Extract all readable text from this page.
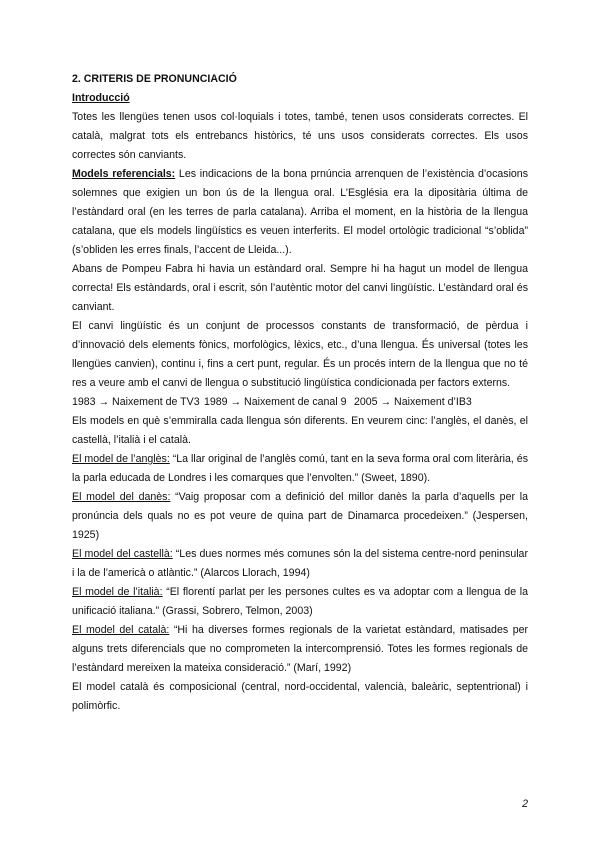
2. CRITERIS DE PRONUNCIACIÓ

Introducció

Totes les llengües tenen usos col·loquials i totes, també, tenen usos considerats correctes. El català, malgrat tots els entrebancs històrics, té uns usos considerats correctes. Els usos correctes són canviants.

Models referencials: Les indicacions de la bona prnúncia arrenquen de l’existència d’ocasions solemnes que exigien un bon ús de la llengua oral. L’Església era la dipositària última de l’estàndard oral (en les terres de parla catalana). Arriba el moment, en la història de la llengua catalana, que els models lingüístics es veuen interferits. El model ortològic tradicional “s’oblida” (s’obliden les erres finals, l’accent de Lleida...).

Abans de Pompeu Fabra hi havia un estàndard oral. Sempre hi ha hagut un model de llengua correcta! Els estàndards, oral i escrit, són l’autèntic motor del canvi lingüístic. L’estàndard oral és canviant.

El canvi lingüístic és un conjunt de processos constants de transformació, de pèrdua i d’innovació dels elements fònics, morfològics, lèxics, etc., d’una llengua. És universal (totes les llengües canvien), continu i, fins a cert punt, regular. És un procés intern de la llengua que no té res a veure amb el canvi de llengua o substitució lingüística condicionada per factors externs.

1983 → Naixement de TV3 1989 → Naixement de canal 9 2005 → Naixement d’IB3

Els models en què s’emmiralla cada llengua són diferents. En veurem cinc: l’anglès, el danès, el castellà, l’italià i el català.

El model de l’anglès: “La llar original de l’anglès comú, tant en la seva forma oral com literària, és la parla educada de Londres i les comarques que l’envolten.” (Sweet, 1890).

El model del danès: “Vaig proposar com a definició del millor danès la parla d’aquells per la pronúncia dels quals no es pot veure de quina part de Dinamarca procedeixen.” (Jespersen, 1925)

El model del castellà: “Les dues normes més comunes són la del sistema centre-nord peninsular i la de l’americà o atlàntic.” (Alarcos Llorach, 1994)

El model de l’italià: “El florentí parlat per les persones cultes es va adoptar com a llengua de la unificació italiana.” (Grassi, Sobrero, Telmon, 2003)

El model del català: “Hi ha diverses formes regionals de la varietat estàndard, matisades per alguns trets diferencials que no comprometen la intercomprensió. Totes les formes regionals de l’estàndard mereixen la mateixa consideració.” (Marí, 1992)

El model català és composicional (central, nord-occidental, valencià, baleàric, septentrional) i polimòrfic.

2
